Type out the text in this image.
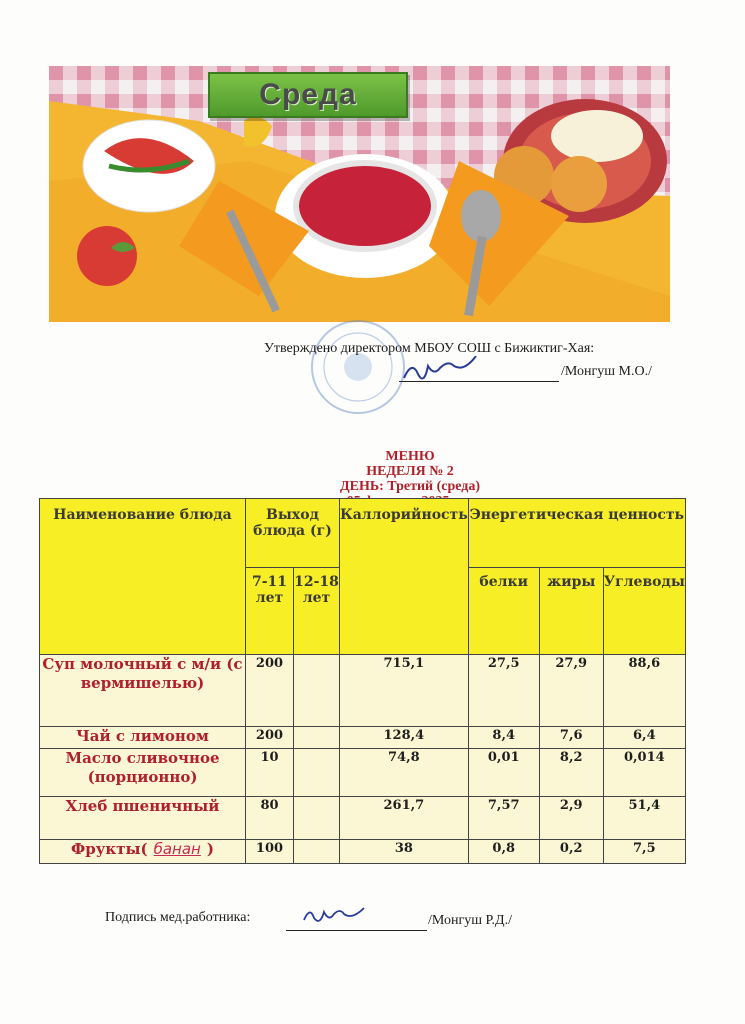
Среда
Утверждено директором МБОУ СОШ с Бижиктиг-Хая:
/Монгуш М.О./
МЕНЮ
НЕДЕЛЯ № 2
ДЕНЬ: Третий (среда)
Наименование блюда	Выход блюда (г)		Каллорийность	Энергетическая ценность		
	7-11 лет	12-18 лет		белки	жиры	Углеводы
Суп молочный с м/и (с вермишелью)	200		715,1	27,5	27,9	88,6
Чай с лимоном	200		128,4	8,4	7,6	6,4
Масло сливочное (порционно)	10		74,8	0,01	8,2	0,014
Хлеб пшеничный	80		261,7	7,57	2,9	51,4
Фрукты( банан )	100		38	0,8	0,2	7,5
Подпись мед.работника:	/Монгуш Р.Д./
